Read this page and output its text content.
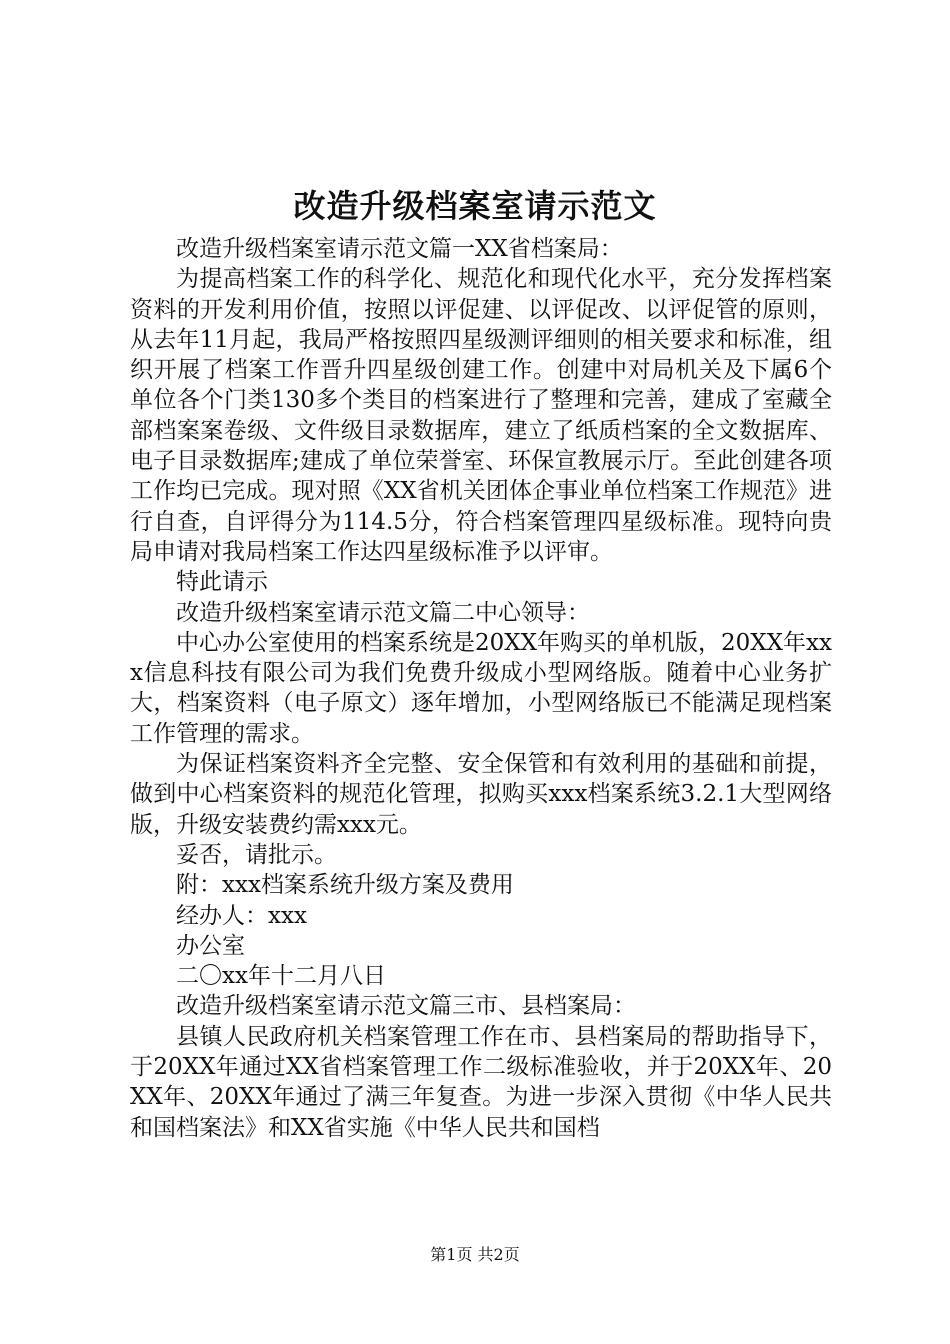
改造升级档案室请示范文

改造升级档案室请示范文篇一XX省档案局：

为提高档案工作的科学化、规范化和现代化水平，充分发挥档案资料的开发利用价值，按照以评促建、以评促改、以评促管的原则，从去年11月起，我局严格按照四星级测评细则的相关要求和标准，组织开展了档案工作晋升四星级创建工作。创建中对局机关及下属6个单位各个门类130多个类目的档案进行了整理和完善，建成了室藏全部档案案卷级、文件级目录数据库，建立了纸质档案的全文数据库、电子目录数据库;建成了单位荣誉室、环保宣教展示厅。至此创建各项工作均已完成。现对照《XX省机关团体企事业单位档案工作规范》进行自查，自评得分为114.5分，符合档案管理四星级标准。现特向贵局申请对我局档案工作达四星级标准予以评审。

特此请示

改造升级档案室请示范文篇二中心领导：

中心办公室使用的档案系统是20XX年购买的单机版，20XX年xxx信息科技有限公司为我们免费升级成小型网络版。随着中心业务扩大，档案资料（电子原文）逐年增加，小型网络版已不能满足现档案工作管理的需求。

为保证档案资料齐全完整、安全保管和有效利用的基础和前提，做到中心档案资料的规范化管理，拟购买xxx档案系统3.2.1大型网络版，升级安装费约需xxx元。

妥否，请批示。

附：xxx档案系统升级方案及费用

经办人：xxx

办公室

二〇xx年十二月八日

改造升级档案室请示范文篇三市、县档案局：

县镇人民政府机关档案管理工作在市、县档案局的帮助指导下，于20XX年通过XX省档案管理工作二级标准验收，并于20XX年、20XX年、20XX年通过了满三年复查。为进一步深入贯彻《中华人民共和国档案法》和XX省实施《中华人民共和国档

第1页 共2页
